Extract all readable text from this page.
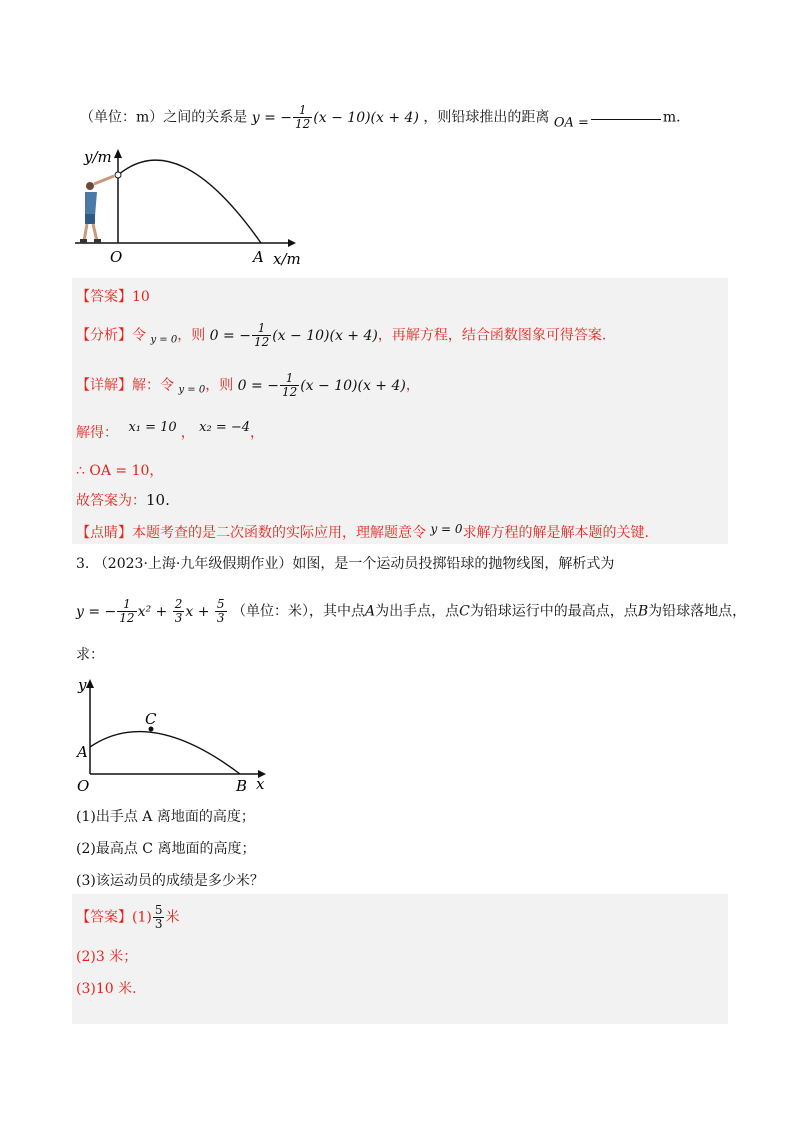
（单位：m）之间的关系是 y = − $\frac{1}{12} (x - 10)(x + 4)$ ，则铅球推出的距离 OA =	m.
y/m
O	A x/m
【答案】10
【分析】令 $_{y = 0}$，则 0 = − $\frac{1}{12} (x - 10)(x + 4)$，再解方程，结合函数图象可得答案.
【详解】解：令 $_{y = 0}$，则 0 = − $\frac{1}{12} (x - 10)(x + 4)$，
解得： x₁ = 10 ， x₂ = −4，
∴ OA = 10，
故答案为：10.
【点睛】本题考查的是二次函数的实际应用，理解题意令 y = 0求解方程的解是解本题的关键.
3. （2023·上海·九年级假期作业）如图，是一个运动员投掷铅球的抛物线图，解析式为
y = − $\frac{1}{12} x^2 + \frac{2}{3}$ $x + \frac{5}{3}$ （单位：米），其中点A为出手点，点C为铅球运行中的最高点，点B为铅球落地点，
求：
y
A
C
O	B x
(1)出手点 A 离地面的高度；
(2)最高点 C 离地面的高度；
(3)该运动员的成绩是多少米？
【答案】$(1) \frac{5}{3}$ 米
(2)3 米；
(3)10 米.
